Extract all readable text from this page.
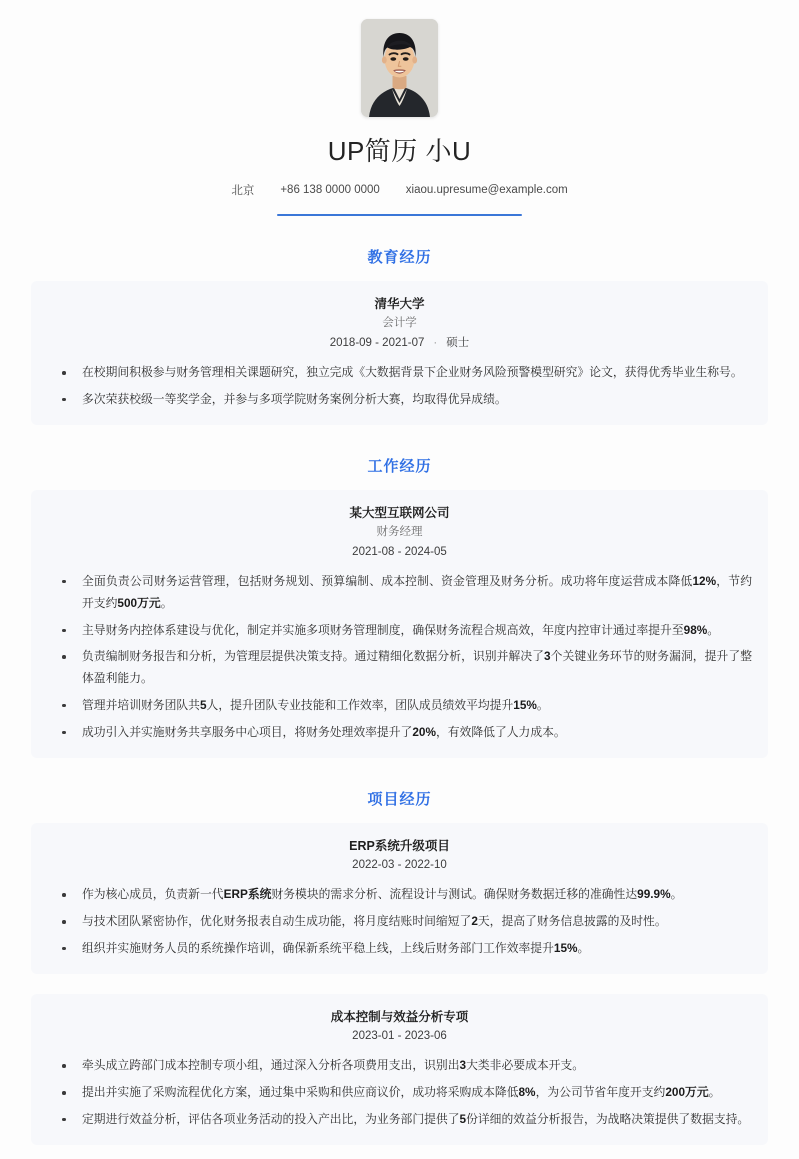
UP简历 小U
北京 +86 138 0000 0000 xiaou.upresume@example.com
教育经历
清华大学
会计学
2018-09 - 2021-07 · 硕士
在校期间积极参与财务管理相关课题研究，独立完成《大数据背景下企业财务风险预警模型研究》论文，获得优秀毕业生称号。
多次荣获校级一等奖学金，并参与多项学院财务案例分析大赛，均取得优异成绩。
工作经历
某大型互联网公司
财务经理
2021-08 - 2024-05
全面负责公司财务运营管理，包括财务规划、预算编制、成本控制、资金管理及财务分析。成功将年度运营成本降低12%，节约开支约500万元。
主导财务内控体系建设与优化，制定并实施多项财务管理制度，确保财务流程合规高效，年度内控审计通过率提升至98%。
负责编制财务报告和分析，为管理层提供决策支持。通过精细化数据分析，识别并解决了3个关键业务环节的财务漏洞，提升了整体盈利能力。
管理并培训财务团队共5人，提升团队专业技能和工作效率，团队成员绩效平均提升15%。
成功引入并实施财务共享服务中心项目，将财务处理效率提升了20%，有效降低了人力成本。
项目经历
ERP系统升级项目
2022-03 - 2022-10
作为核心成员，负责新一代ERP系统财务模块的需求分析、流程设计与测试。确保财务数据迁移的准确性达99.9%。
与技术团队紧密协作，优化财务报表自动生成功能，将月度结账时间缩短了2天，提高了财务信息披露的及时性。
组织并实施财务人员的系统操作培训，确保新系统平稳上线，上线后财务部门工作效率提升15%。
成本控制与效益分析专项
2023-01 - 2023-06
牵头成立跨部门成本控制专项小组，通过深入分析各项费用支出，识别出3大类非必要成本开支。
提出并实施了采购流程优化方案，通过集中采购和供应商议价，成功将采购成本降低8%，为公司节省年度开支约200万元。
定期进行效益分析，评估各项业务活动的投入产出比，为业务部门提供了5份详细的效益分析报告，为战略决策提供了数据支持。
